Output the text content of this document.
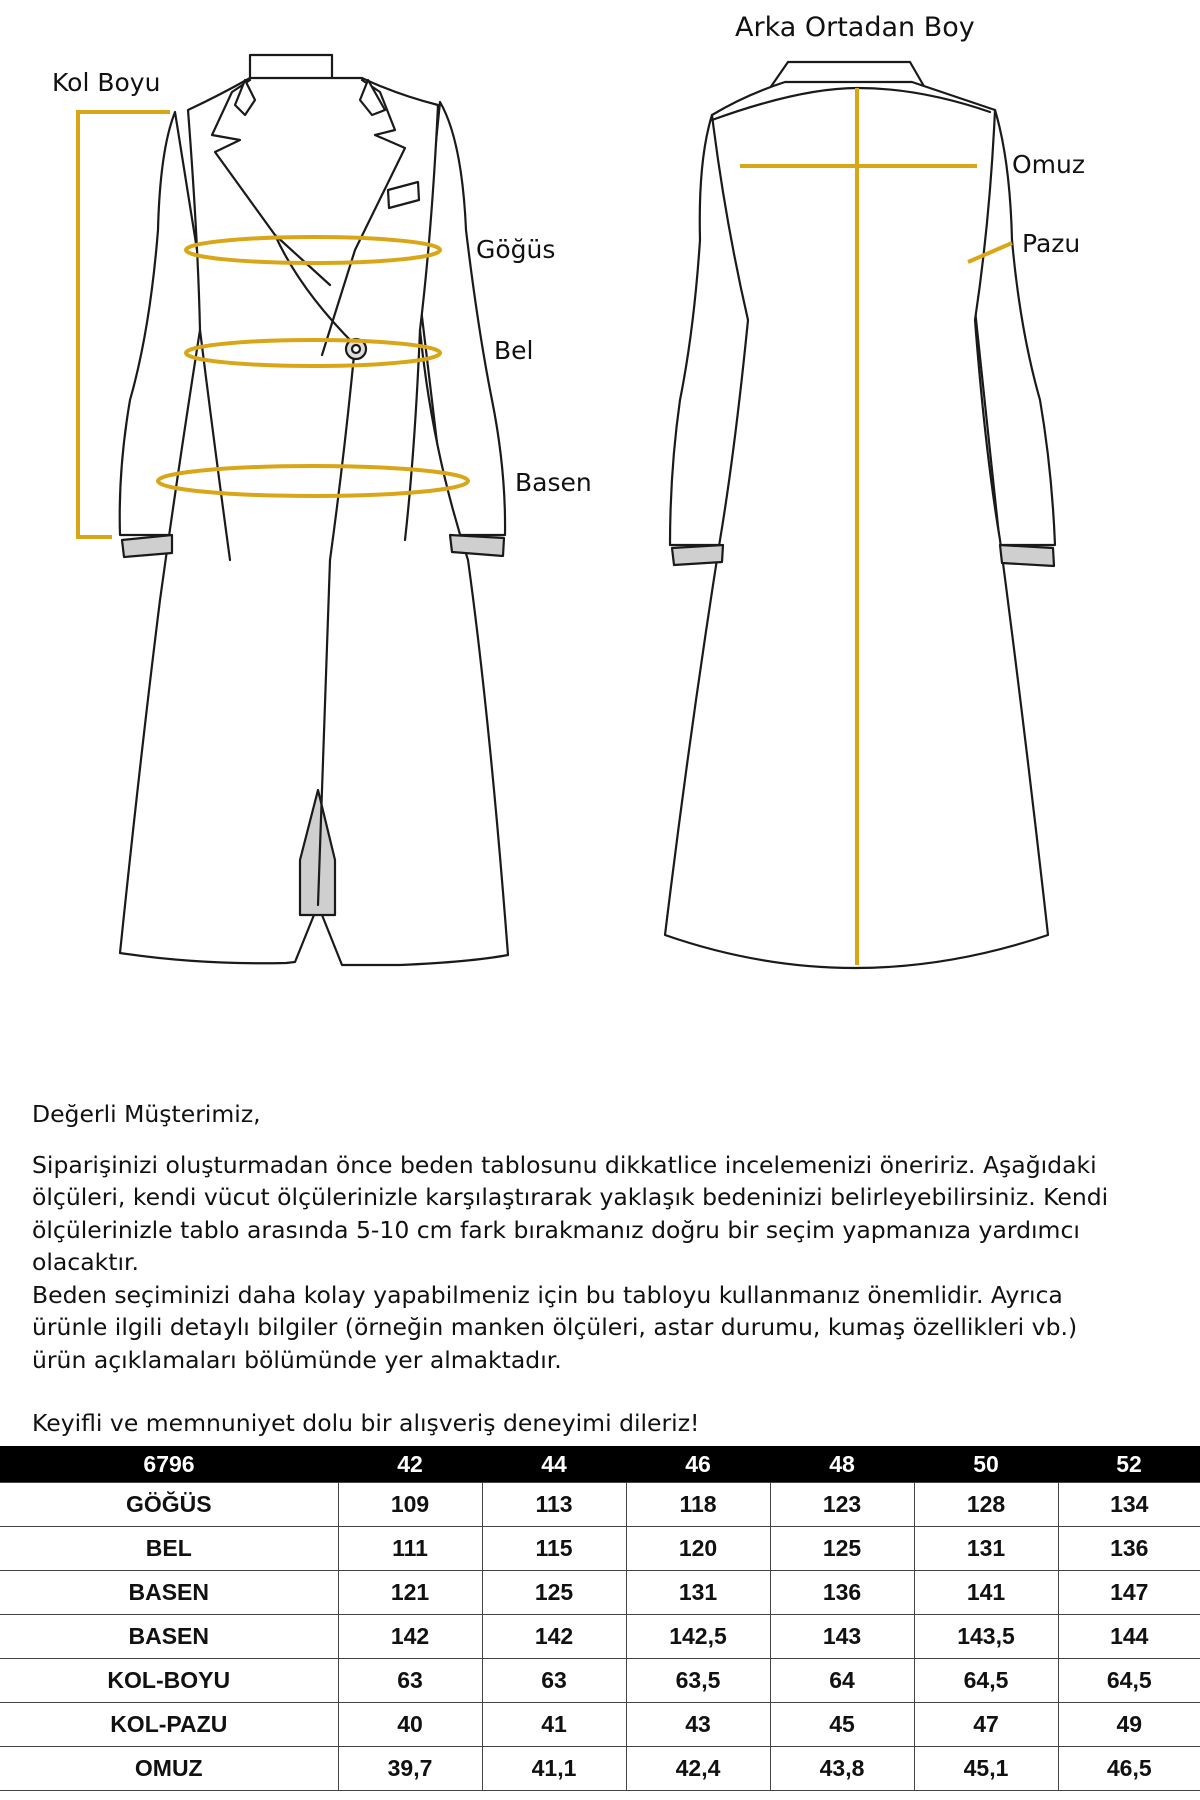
Kol Boyu
Göğüs
Bel
Basen
Arka Ortadan Boy
Omuz
Pazu

Değerli Müşterimiz,

Siparişinizi oluşturmadan önce beden tablosunu dikkatlice incelemenizi öneririz. Aşağıdaki

ölçüleri, kendi vücut ölçülerinizle karşılaştırarak yaklaşık bedeninizi belirleyebilirsiniz. Kendi

ölçülerinizle tablo arasında 5-10 cm fark bırakmanız doğru bir seçim yapmanıza yardımcı

olacaktır.

Beden seçiminizi daha kolay yapabilmeniz için bu tabloyu kullanmanız önemlidir. Ayrıca

ürünle ilgili detaylı bilgiler (örneğin manken ölçüleri, astar durumu, kumaş özellikleri vb.)

ürün açıklamaları bölümünde yer almaktadır.

Keyifli ve memnuniyet dolu bir alışveriş deneyimi dileriz!

6796	42	44	46	48	50	52
GÖĞÜS	109	113	118	123	128	134
BEL	111	115	120	125	131	136
BASEN	121	125	131	136	141	147
BASEN	142	142	142,5	143	143,5	144
KOL-BOYU	63	63	63,5	64	64,5	64,5
KOL-PAZU	40	41	43	45	47	49
OMUZ	39,7	41,1	42,4	43,8	45,1	46,5
